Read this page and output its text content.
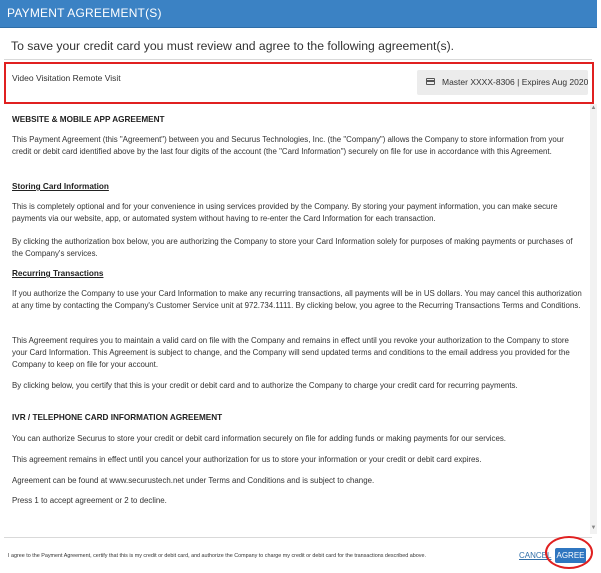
PAYMENT AGREEMENT(S)
To save your credit card you must review and agree to the following agreement(s).
Video Visitation Remote Visit	Master XXXX-8306 | Expires Aug 2020
WEBSITE & MOBILE APP AGREEMENT

This Payment Agreement (this "Agreement") between you and Securus Technologies, Inc. (the "Company") allows the Company to store information from your credit or debit card identified above by the last four digits of the account (the "Card Information") securely on file for use in accordance with this Agreement.

Storing Card Information

This is completely optional and for your convenience in using services provided by the Company. By storing your payment information, you can make secure payments via our website, app, or automated system without having to re-enter the Card Information for each transaction.

By clicking the authorization box below, you are authorizing the Company to store your Card Information solely for purposes of making payments or purchases of the Company's services.

Recurring Transactions

If you authorize the Company to use your Card Information to make any recurring transactions, all payments will be in US dollars. You may cancel this authorization at any time by contacting the Company's Customer Service unit at 972.734.1111. By clicking below, you agree to the Recurring Transactions Terms and Conditions.

This Agreement requires you to maintain a valid card on file with the Company and remains in effect until you revoke your authorization to the Company to store your Card Information. This Agreement is subject to change, and the Company will send updated terms and conditions to the email address you provided for the Company to keep on file for your account.

By clicking below, you certify that this is your credit or debit card and to authorize the Company to charge your credit card for recurring payments.

IVR / TELEPHONE CARD INFORMATION AGREEMENT

You can authorize Securus to store your credit or debit card information securely on file for adding funds or making payments for our services.

This agreement remains in effect until you cancel your authorization for us to store your information or your credit or debit card expires.

Agreement can be found at www.securustech.net under Terms and Conditions and is subject to change.

Press 1 to accept agreement or 2 to decline.

▲
▼
I agree to the Payment Agreement, certify that this is my credit or debit card, and authorize the Company to charge my credit or debit card for the transactions described above.	CANCEL AGREE
